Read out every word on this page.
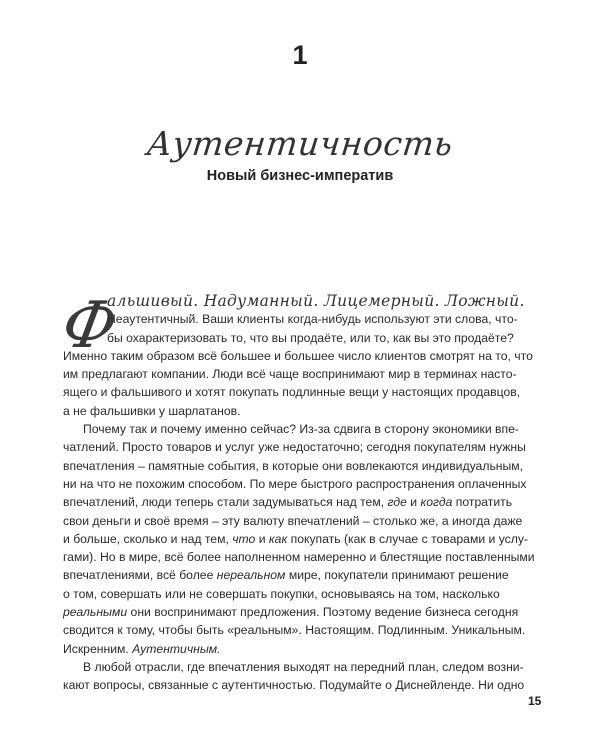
1
Аутентичность
Новый бизнес-императив
Ф
альшивый. Надуманный. Лицемерный. Ложный.
Неаутентичный. Ваши клиенты когда-нибудь используют эти слова, что-
бы охарактеризовать то, что вы продаёте, или то, как вы это продаёте?
Именно таким образом всё большее и большее число клиентов смотрят на то, что
им предлагают компании. Люди всё чаще воспринимают мир в терминах насто-
ящего и фальшивого и хотят покупать подлинные вещи у настоящих продавцов,
а не фальшивки у шарлатанов.
Почему так и почему именно сейчас? Из-за сдвига в сторону экономики впе-
чатлений. Просто товаров и услуг уже недостаточно; сегодня покупателям нужны
впечатления – памятные события, в которые они вовлекаются индивидуальным,
ни на что не похожим способом. По мере быстрого распространения оплаченных
впечатлений, люди теперь стали задумываться над тем, где и когда потратить
свои деньги и своё время – эту валюту впечатлений – столько же, а иногда даже
и больше, сколько и над тем, что и как покупать (как в случае с товарами и услу-
гами). Но в мире, всё более наполненном намеренно и блестящие поставленными
впечатлениями, всё более нереальном мире, покупатели принимают решение
о том, совершать или не совершать покупки, основываясь на том, насколько
реальными они воспринимают предложения. Поэтому ведение бизнеса сегодня
сводится к тому, чтобы быть «реальным». Настоящим. Подлинным. Уникальным.
Искренним. Аутентичным.
В любой отрасли, где впечатления выходят на передний план, следом возни-
кают вопросы, связанные с аутентичностью. Подумайте о Диснейленде. Ни одно
15
